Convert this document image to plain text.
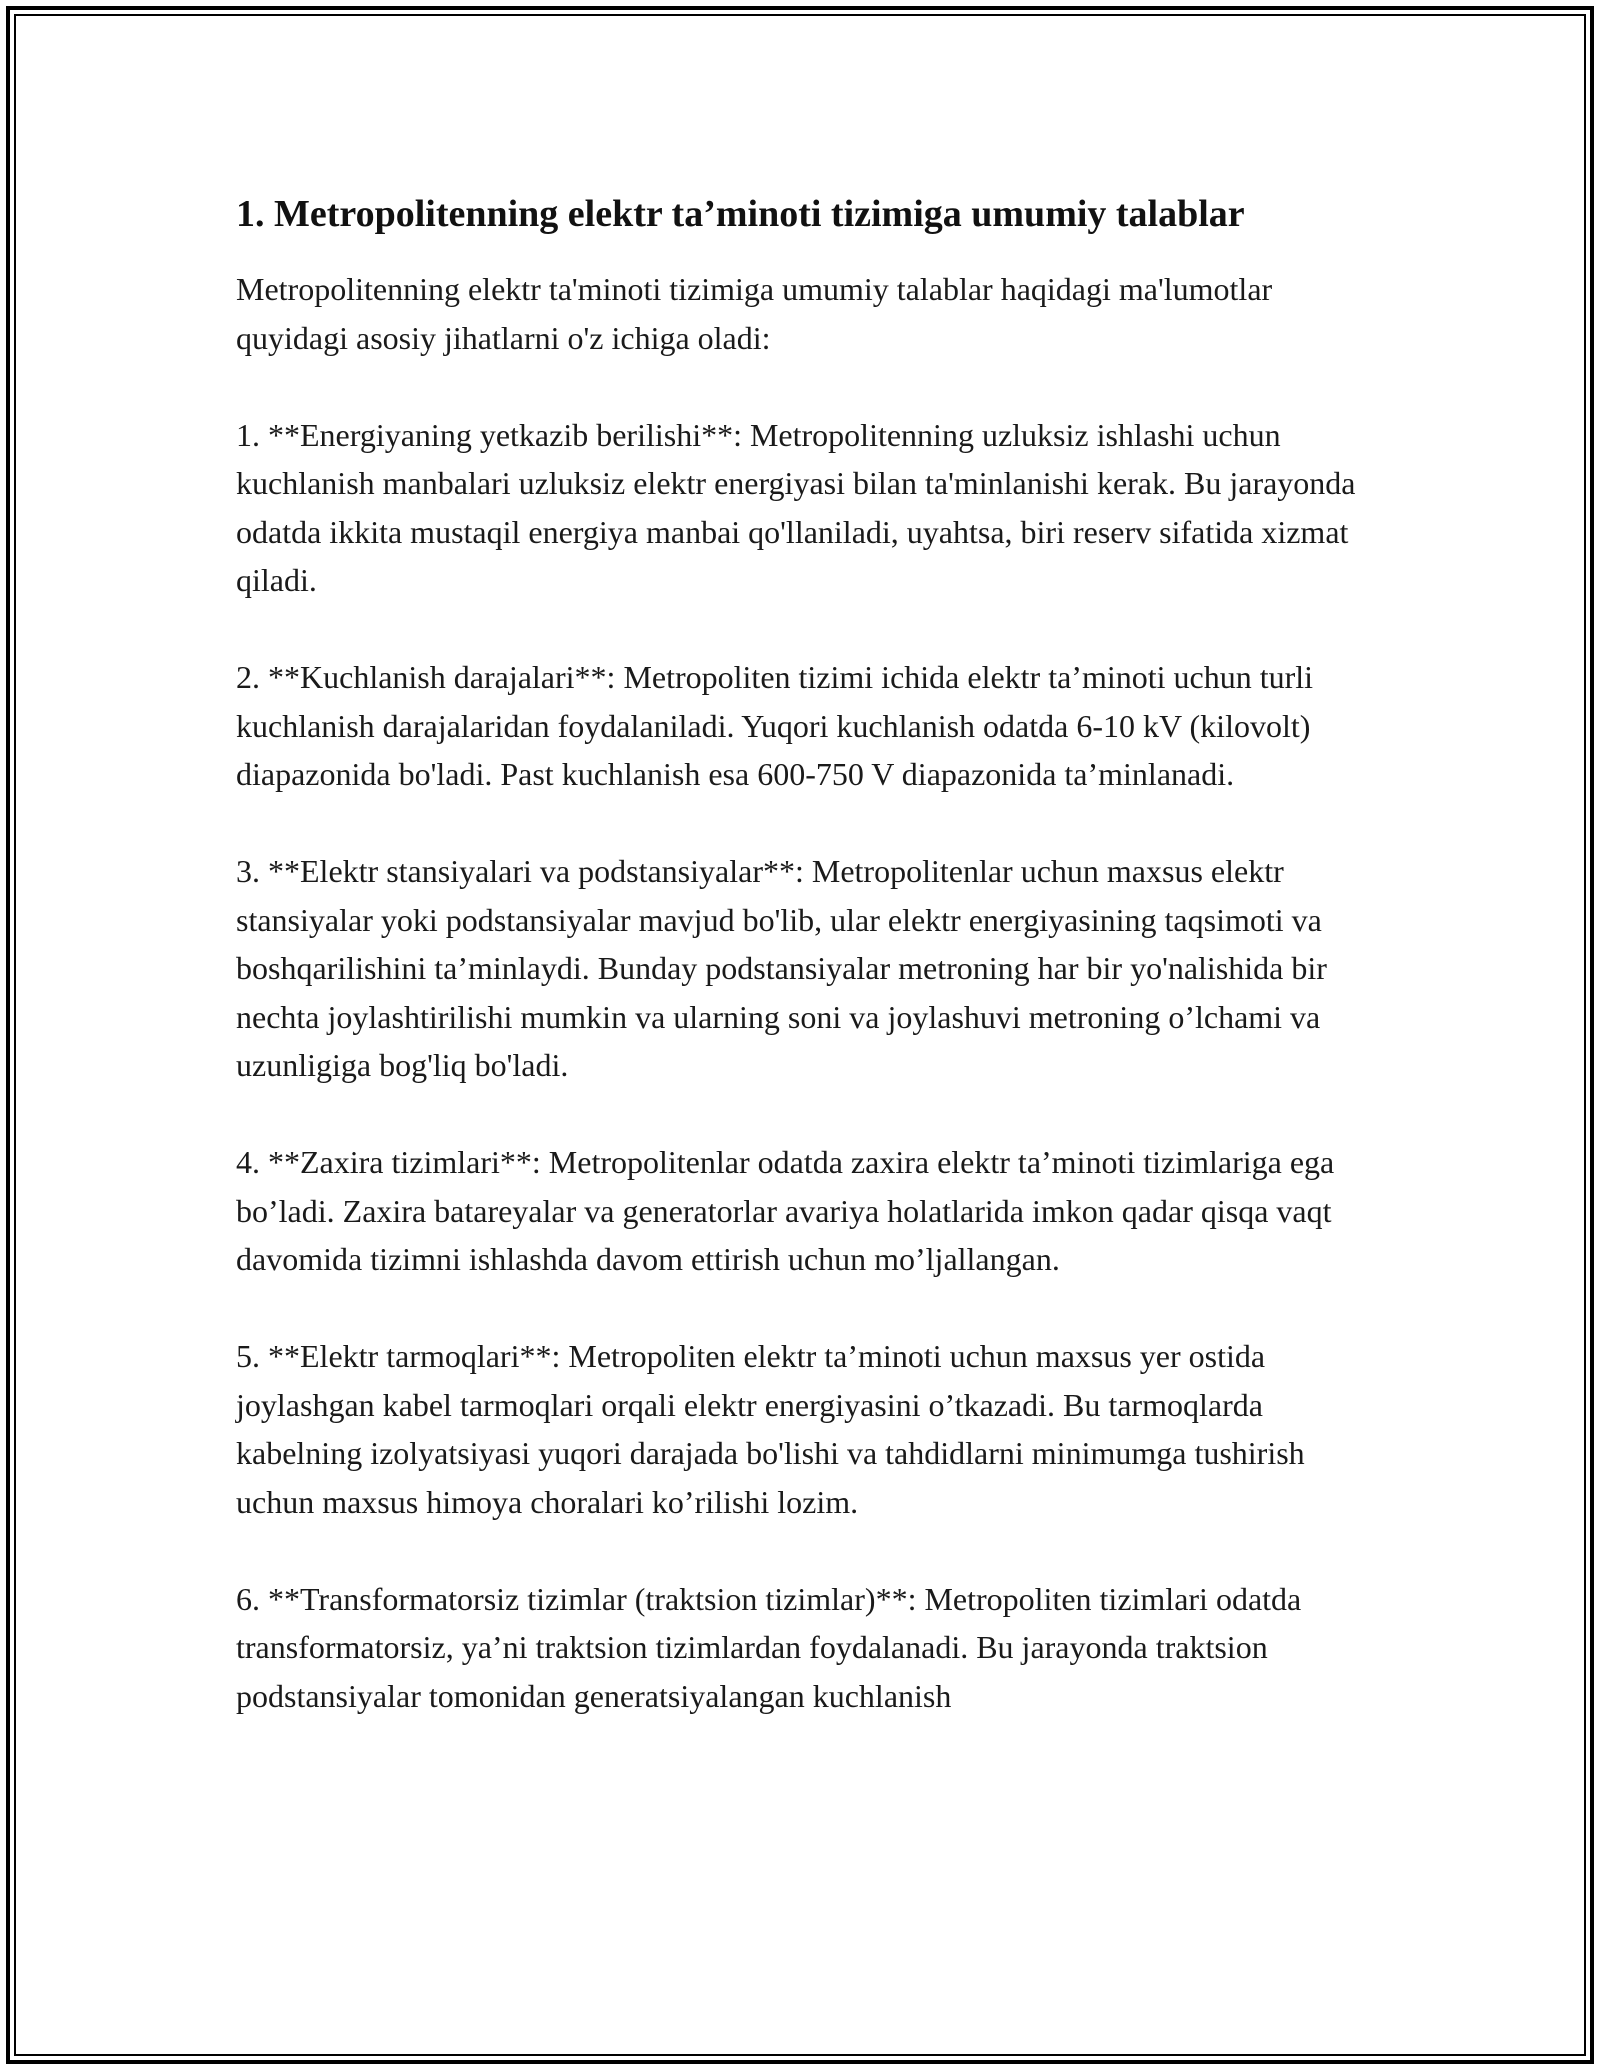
1. Metropolitenning elektr ta’minoti tizimiga umumiy talablar

Metropolitenning elektr ta'minoti tizimiga umumiy talablar haqidagi ma'lumotlar quyidagi asosiy jihatlarni o'z ichiga oladi:

1. **Energiyaning yetkazib berilishi**: Metropolitenning uzluksiz ishlashi uchun kuchlanish manbalari uzluksiz elektr energiyasi bilan ta'minlanishi kerak. Bu jarayonda odatda ikkita mustaqil energiya manbai qo'llaniladi, uyahtsa, biri reserv sifatida xizmat qiladi.

2. **Kuchlanish darajalari**: Metropoliten tizimi ichida elektr ta’minoti uchun turli kuchlanish darajalaridan foydalaniladi. Yuqori kuchlanish odatda 6-10 kV (kilovolt) diapazonida bo'ladi. Past kuchlanish esa 600-750 V diapazonida ta’minlanadi.

3. **Elektr stansiyalari va podstansiyalar**: Metropolitenlar uchun maxsus elektr stansiyalar yoki podstansiyalar mavjud bo'lib, ular elektr energiyasining taqsimoti va boshqarilishini ta’minlaydi. Bunday podstansiyalar metroning har bir yo'nalishida bir nechta joylashtirilishi mumkin va ularning soni va joylashuvi metroning o’lchami va uzunligiga bog'liq bo'ladi.

4. **Zaxira tizimlari**: Metropolitenlar odatda zaxira elektr ta’minoti tizimlariga ega bo’ladi. Zaxira batareyalar va generatorlar avariya holatlarida imkon qadar qisqa vaqt davomida tizimni ishlashda davom ettirish uchun mo’ljallangan.

5. **Elektr tarmoqlari**: Metropoliten elektr ta’minoti uchun maxsus yer ostida joylashgan kabel tarmoqlari orqali elektr energiyasini o’tkazadi. Bu tarmoqlarda kabelning izolyatsiyasi yuqori darajada bo'lishi va tahdidlarni minimumga tushirish uchun maxsus himoya choralari ko’rilishi lozim.

6. **Transformatorsiz tizimlar (traktsion tizimlar)**: Metropoliten tizimlari odatda transformatorsiz, ya’ni traktsion tizimlardan foydalanadi. Bu jarayonda traktsion podstansiyalar tomonidan generatsiyalangan kuchlanish
